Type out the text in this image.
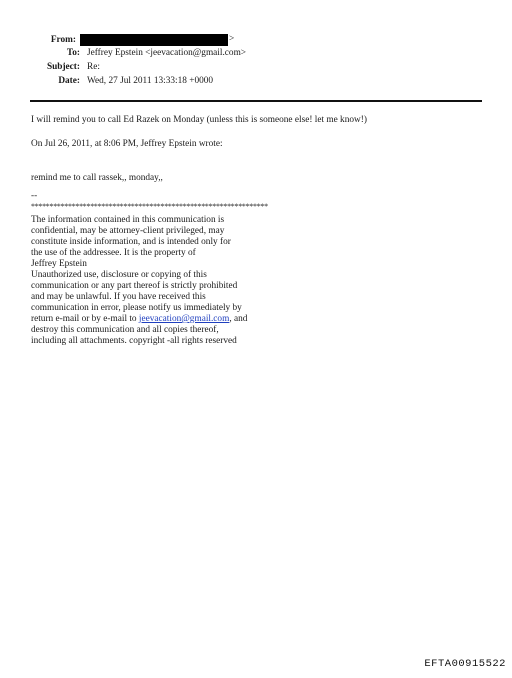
From:	>
To: Jeffrey Epstein <jeevacation@gmail.com>
Subject: Re:
Date: Wed, 27 Jul 2011 13:33:18 +0000
I will remind you to call Ed Razek on Monday (unless this is someone else! let me know!)
On Jul 26, 2011, at 8:06 PM, Jeffrey Epstein wrote:
remind me to call rassek,, monday,,
--
****************************************************************
The information contained in this communication is
confidential, may be attorney-client privileged, may
constitute inside information, and is intended only for
the use of the addressee. It is the property of
Jeffrey Epstein
Unauthorized use, disclosure or copying of this
communication or any part thereof is strictly prohibited
and may be unlawful. If you have received this
communication in error, please notify us immediately by
return e-mail or by e-mail to jeevacation@gmail.com, and
destroy this communication and all copies thereof,
including all attachments. copyright -all rights reserved
EFTA00915522
